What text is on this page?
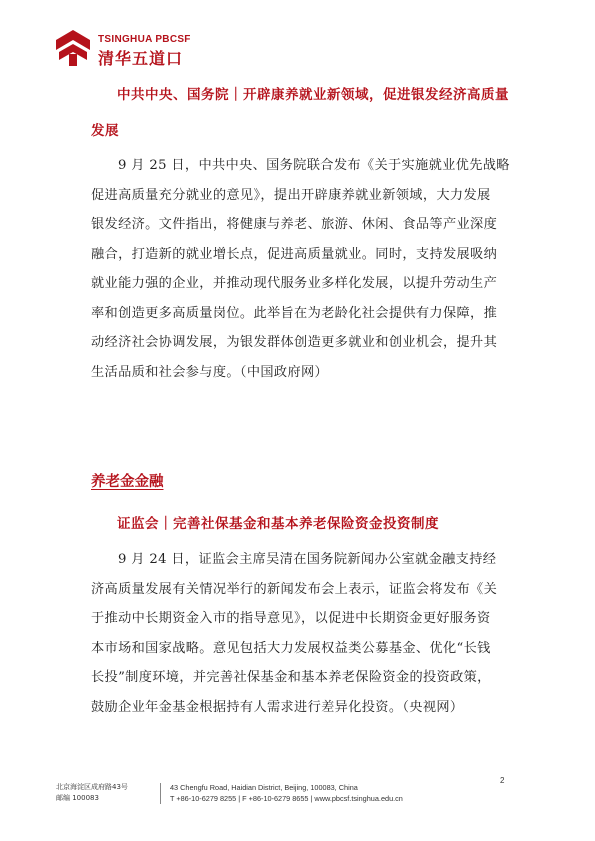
TSINGHUA PBCSF
清华五道口
中共中央、国务院｜开辟康养就业新领域，促进银发经济高质量
发展
9 月 25 日，中共中央、国务院联合发布《关于实施就业优先战略
促进高质量充分就业的意见》，提出开辟康养就业新领域，大力发展
银发经济。文件指出，将健康与养老、旅游、休闲、食品等产业深度
融合，打造新的就业增长点，促进高质量就业。同时，支持发展吸纳
就业能力强的企业，并推动现代服务业多样化发展，以提升劳动生产
率和创造更多高质量岗位。此举旨在为老龄化社会提供有力保障，推
动经济社会协调发展，为银发群体创造更多就业和创业机会，提升其
生活品质和社会参与度。（中国政府网）
养老金金融
证监会｜完善社保基金和基本养老保险资金投资制度
9 月 24 日，证监会主席吴清在国务院新闻办公室就金融支持经
济高质量发展有关情况举行的新闻发布会上表示，证监会将发布《关
于推动中长期资金入市的指导意见》，以促进中长期资金更好服务资
本市场和国家战略。意见包括大力发展权益类公募基金、优化“长钱
长投”制度环境，并完善社保基金和基本养老保险资金的投资政策，
鼓励企业年金基金根据持有人需求进行差异化投资。（央视网）
2
北京海淀区成府路43号
邮编 100083
43 Chengfu Road, Haidian District, Beijing, 100083, China
T +86-10-6279 8255 | F +86-10-6279 8655 | www.pbcsf.tsinghua.edu.cn
